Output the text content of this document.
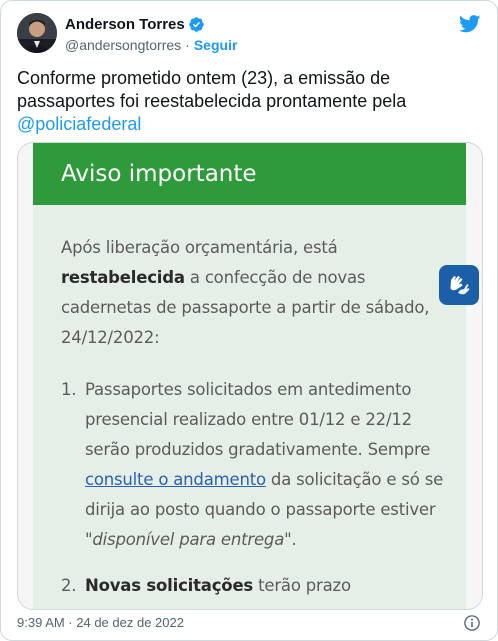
Anderson Torres
@andersongtorres · Seguir
Conforme prometido ontem (23), a emissão de passaportes foi reestabelecida prontamente pela @policiafederal
Aviso importante
Após liberação orçamentária, está restabelecida a confecção de novas cadernetas de passaporte a partir de sábado, 24/12/2022:
1. Passaportes solicitados em antedimento presencial realizado entre 01/12 e 22/12 serão produzidos gradativamente. Sempre consulte o andamento da solicitação e só se dirija ao posto quando o passaporte estiver "disponível para entrega".
2. Novas solicitações terão prazo
9:39 AM · 24 de dez de 2022
